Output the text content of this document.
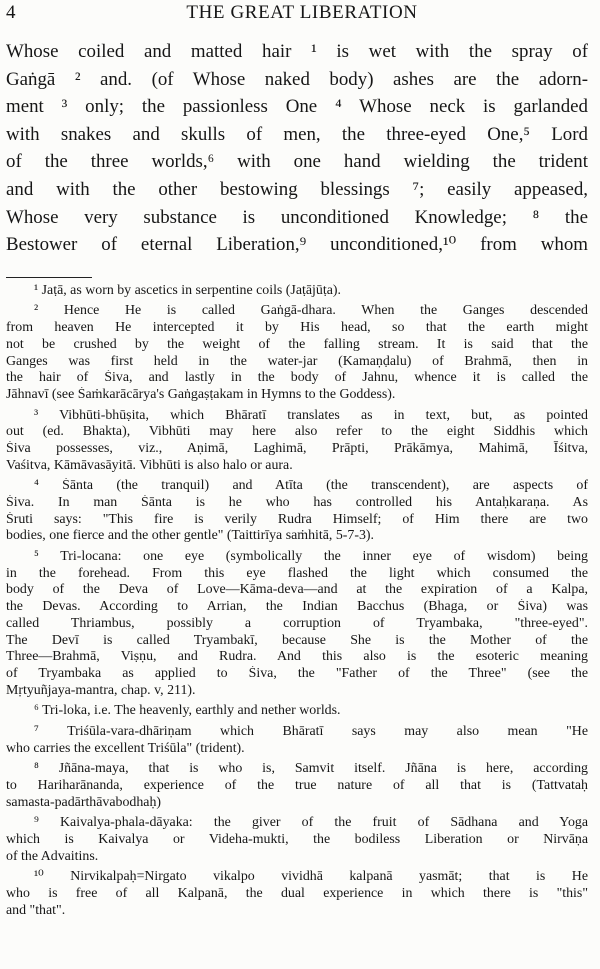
4	THE GREAT LIBERATION
Whose coiled and matted hair ¹ is wet with the spray of
Gaṅgā ² and. (of Whose naked body) ashes are the adorn-
ment ³ only; the passionless One ⁴ Whose neck is garlanded
with snakes and skulls of men, the three-eyed One,⁵ Lord
of the three worlds,⁶ with one hand wielding the trident
and with the other bestowing blessings ⁷; easily appeased,
Whose very substance is unconditioned Knowledge; ⁸ the
Bestower of eternal Liberation,⁹ unconditioned,¹⁰ from whom
¹ Jaṭā, as worn by ascetics in serpentine coils (Jaṭājūṭa).
² Hence He is called Gaṅgā-dhara. When the Ganges descended
from heaven He intercepted it by His head, so that the earth might
not be crushed by the weight of the falling stream. It is said that the
Ganges was first held in the water-jar (Kamaṇḍalu) of Brahmā, then in
the hair of Śiva, and lastly in the body of Jahnu, whence it is called the
Jāhnavī (see Śaṁkarācārya's Gaṅgaṣṭakam in Hymns to the Goddess).
³ Vibhūti-bhūṣita, which Bhāratī translates as in text, but, as pointed
out (ed. Bhakta), Vibhūti may here also refer to the eight Siddhis which
Śiva possesses, viz., Aṇimā, Laghimā, Prāpti, Prākāmya, Mahimā, Īśitva,
Vaśitva, Kāmāvasāyitā. Vibhūti is also halo or aura.
⁴ Śānta (the tranquil) and Atīta (the transcendent), are aspects of
Śiva. In man Śānta is he who has controlled his Antaḥkaraṇa. As
Śruti says: "This fire is verily Rudra Himself; of Him there are two
bodies, one fierce and the other gentle" (Taittirīya saṁhitā, 5-7-3).
⁵ Tri-locana: one eye (symbolically the inner eye of wisdom) being
in the forehead. From this eye flashed the light which consumed the
body of the Deva of Love—Kāma-deva—and at the expiration of a Kalpa,
the Devas. According to Arrian, the Indian Bacchus (Bhaga, or Śiva) was
called Thriambus, possibly a corruption of Tryambaka, "three-eyed".
The Devī is called Tryambakī, because She is the Mother of the
Three—Brahmā, Viṣṇu, and Rudra. And this also is the esoteric meaning
of Tryambaka as applied to Śiva, the "Father of the Three" (see the
Mṛtyuñjaya-mantra, chap. v, 211).
⁶ Tri-loka, i.e. The heavenly, earthly and nether worlds.
⁷ Triśūla-vara-dhāriṇam which Bhāratī says may also mean "He
who carries the excellent Triśūla" (trident).
⁸ Jñāna-maya, that is who is, Samvit itself. Jñāna is here, according
to Hariharānanda, experience of the true nature of all that is (Tattvataḥ
samasta-padārthāvabodhaḥ)
⁹ Kaivalya-phala-dāyaka: the giver of the fruit of Sādhana and Yoga
which is Kaivalya or Videha-mukti, the bodiless Liberation or Nirvāṇa
of the Advaitins.
¹⁰ Nirvikalpaḥ=Nirgato vikalpo vividhā kalpanā yasmāt; that is He
who is free of all Kalpanā, the dual experience in which there is "this"
and "that".
